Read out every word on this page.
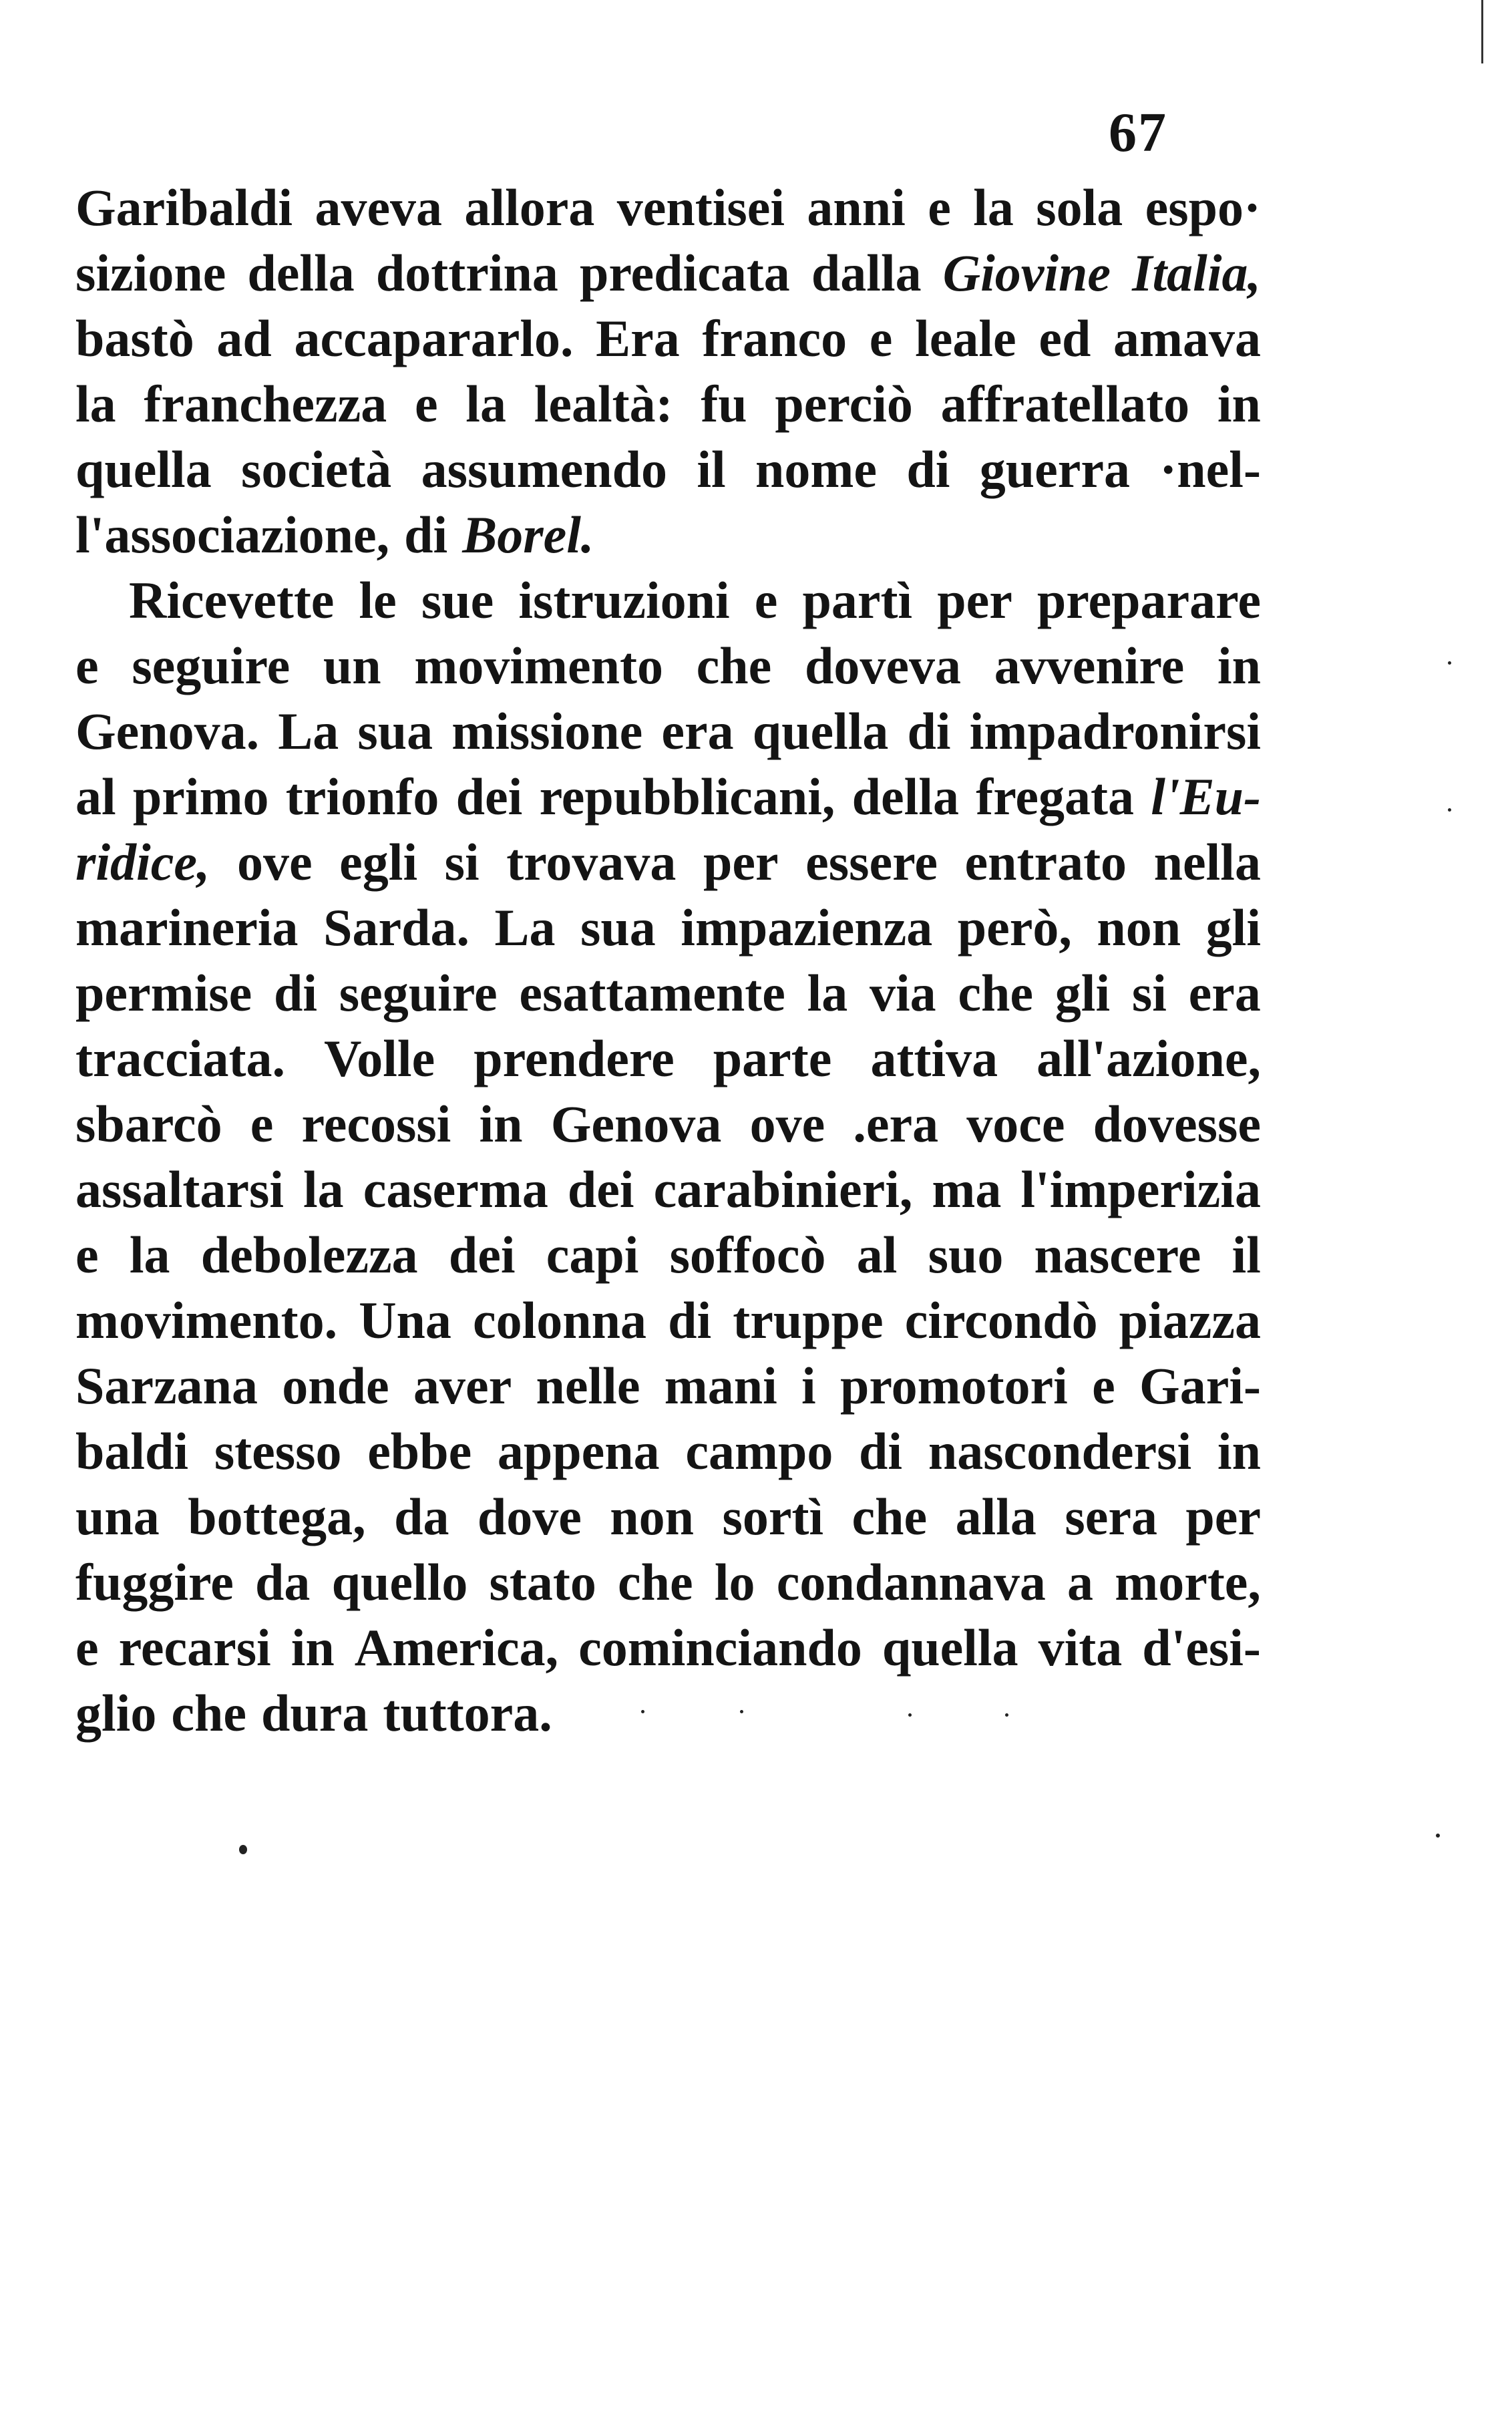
67
Garibaldi aveva allora ventisei anni e la sola espo·
sizione della dottrina predicata dalla Giovine Italia,
bastò ad accapararlo. Era franco e leale ed amava
la franchezza e la lealtà: fu perciò affratellato in
quella società assumendo il nome di guerra ·nel-
l'associazione, di Borel.
Ricevette le sue istruzioni e partì per preparare
e seguire un movimento che doveva avvenire in
Genova. La sua missione era quella di impadronirsi
al primo trionfo dei repubblicani, della fregata l'Eu-
ridice, ove egli si trovava per essere entrato nella
marineria Sarda. La sua impazienza però, non gli
permise di seguire esattamente la via che gli si era
tracciata. Volle prendere parte attiva all'azione,
sbarcò e recossi in Genova ove .era voce dovesse
assaltarsi la caserma dei carabinieri, ma l'imperizia
e la debolezza dei capi soffocò al suo nascere il
movimento. Una colonna di truppe circondò piazza
Sarzana onde aver nelle mani i promotori e Gari-
baldi stesso ebbe appena campo di nascondersi in
una bottega, da dove non sortì che alla sera per
fuggire da quello stato che lo condannava a morte,
e recarsi in America, cominciando quella vita d'esi-
glio che dura tuttora.
